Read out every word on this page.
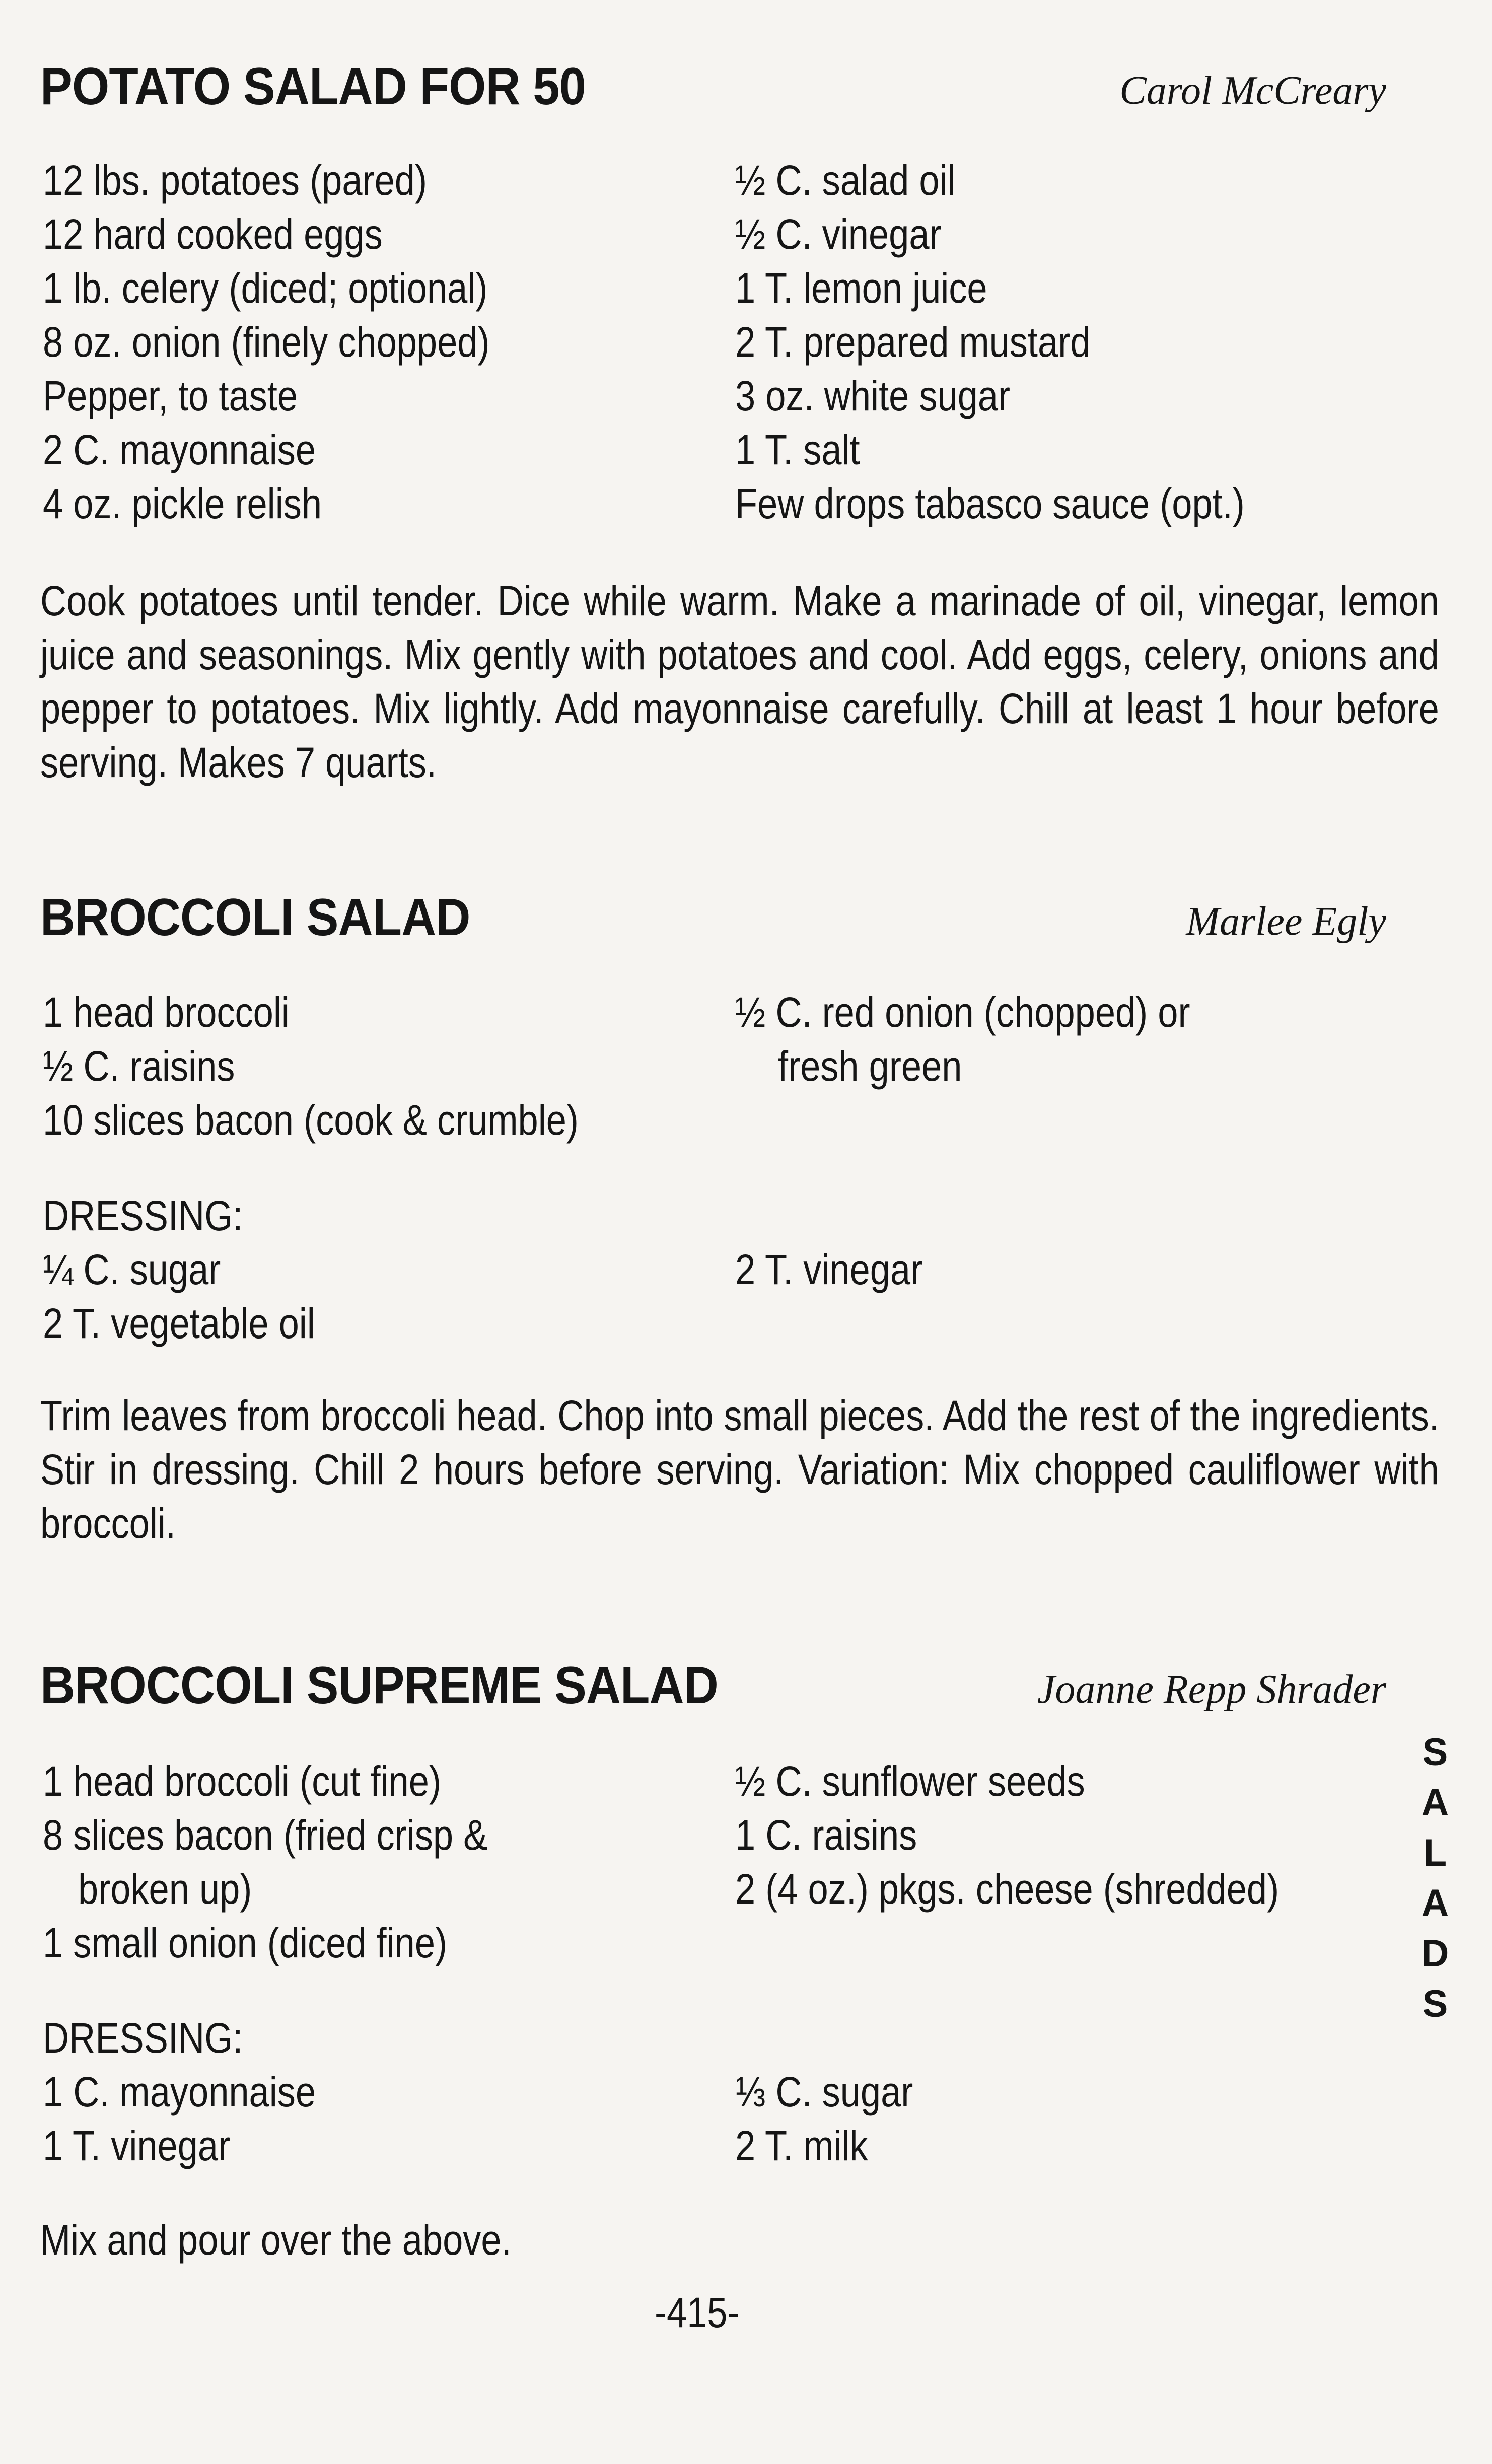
POTATO SALAD FOR 50	Carol McCreary
12 lbs. potatoes (pared)
12 hard cooked eggs
1 lb. celery (diced; optional)
8 oz. onion (finely chopped)
Pepper, to taste
2 C. mayonnaise
4 oz. pickle relish
½ C. salad oil
½ C. vinegar
1 T. lemon juice
2 T. prepared mustard
3 oz. white sugar
1 T. salt
Few drops tabasco sauce (opt.)

Cook potatoes until tender. Dice while warm. Make a marinade of oil, vinegar, lemon juice and seasonings. Mix gently with potatoes and cool. Add eggs, celery, onions and pepper to potatoes. Mix lightly. Add mayonnaise carefully. Chill at least 1 hour before serving. Makes 7 quarts.

BROCCOLI SALAD	Marlee Egly
1 head broccoli
½ C. raisins
10 slices bacon (cook & crumble)
½ C. red onion (chopped) or
fresh green
DRESSING:
¼ C. sugar
2 T. vegetable oil
2 T. vinegar

Trim leaves from broccoli head. Chop into small pieces. Add the rest of the ingredients. Stir in dressing. Chill 2 hours before serving. Variation: Mix chopped cauliflower with broccoli.

BROCCOLI SUPREME SALAD	Joanne Repp Shrader
1 head broccoli (cut fine)
8 slices bacon (fried crisp &
broken up)
1 small onion (diced fine)
½ C. sunflower seeds
1 C. raisins
2 (4 oz.) pkgs. cheese (shredded)
DRESSING:
1 C. mayonnaise
1 T. vinegar
⅓ C. sugar
2 T. milk

Mix and pour over the above.

S
A
L
A
D
S
-415-
